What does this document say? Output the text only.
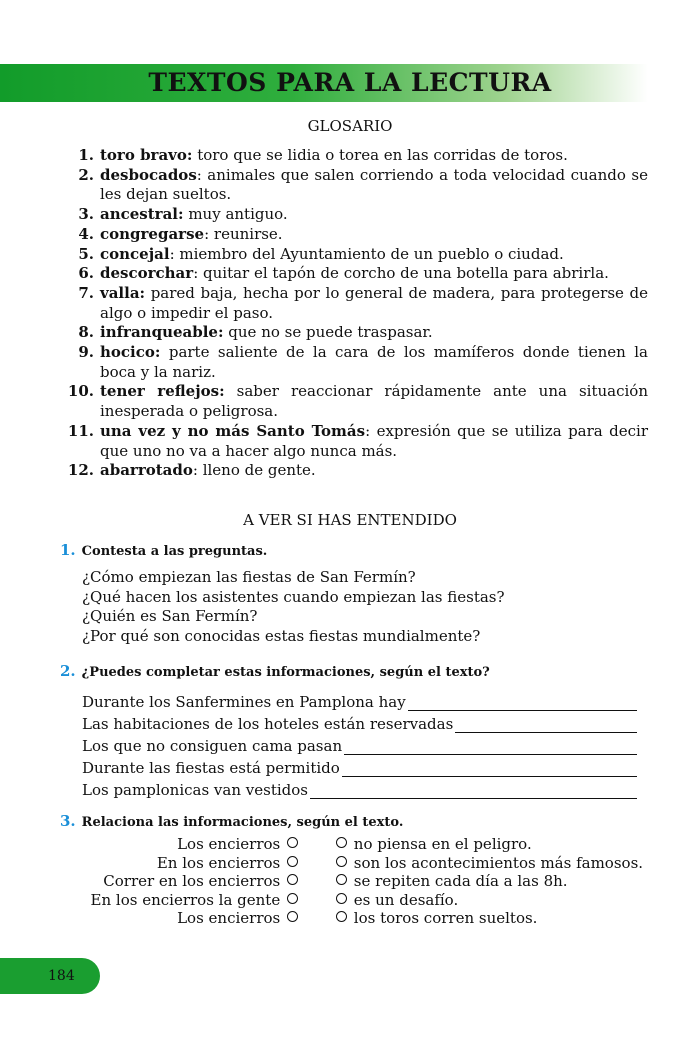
TEXTOS PARA LA LECTURA
GLOSARIO
1. toro bravo: toro que se lidia o torea en las corridas de toros.
2. desbocados: animales que salen corriendo a toda velocidad cuando se les dejan sueltos.
3. ancestral: muy antiguo.
4. congregarse: reunirse.
5. concejal: miembro del Ayuntamiento de un pueblo o ciudad.
6. descorchar: quitar el tapón de corcho de una botella para abrirla.
7. valla: pared baja, hecha por lo general de madera, para protegerse de algo o impedir el paso.
8. infranqueable: que no se puede traspasar.
9. hocico: parte saliente de la cara de los mamíferos donde tienen la boca y la nariz.
10. tener reflejos: saber reaccionar rápidamente ante una situación inesperada o peligrosa.
11. una vez y no más Santo Tomás: expresión que se utiliza para decir que uno no va a hacer algo nunca más.
12. abarrotado: lleno de gente.
A VER SI HAS ENTENDIDO
1. Contesta a las preguntas.
¿Cómo empiezan las fiestas de San Fermín?
¿Qué hacen los asistentes cuando empiezan las fiestas?
¿Quién es San Fermín?
¿Por qué son conocidas estas fiestas mundialmente?
2. ¿Puedes completar estas informaciones, según el texto?
Durante los Sanfermines en Pamplona hay
Las habitaciones de los hoteles están reservadas
Los que no consiguen cama pasan
Durante las fiestas está permitido
Los pamplonicas van vestidos
3. Relaciona las informaciones, según el texto.
Los encierros
En los encierros
Correr en los encierros
En los encierros la gente
Los encierros
no piensa en el peligro.
son los acontecimientos más famosos.
se repiten cada día a las 8h.
es un desafío.
los toros corren sueltos.
184
